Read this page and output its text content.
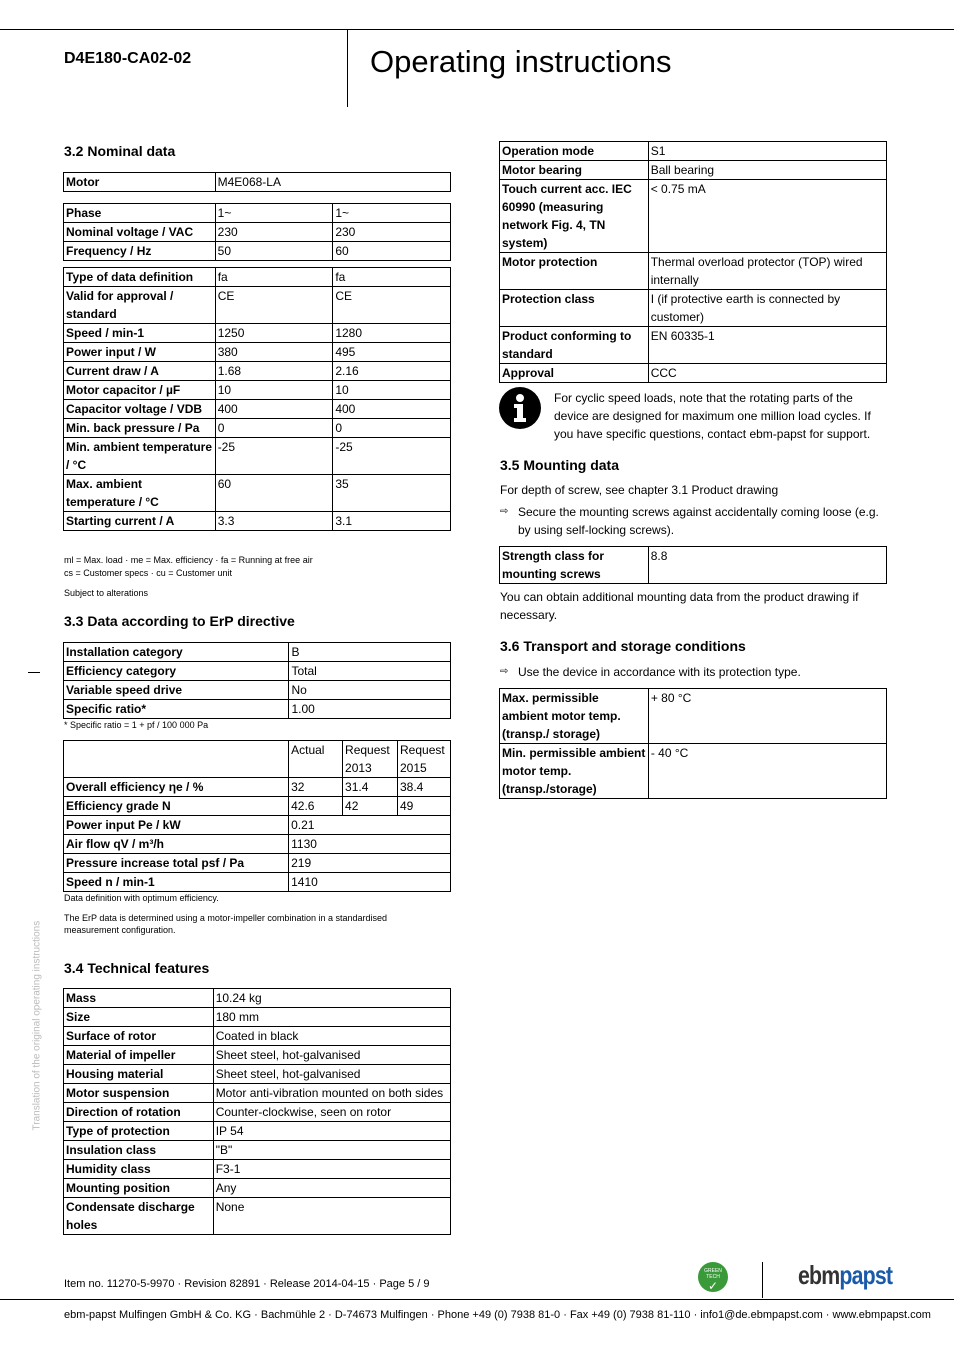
D4E180-CA02-02	Operating instructions
Translation of the original operating instructions
3.2 Nominal data
Motor	M4E068-LA
Phase	1~	1~
Nominal voltage / VAC	230	230
Frequency / Hz	50	60
Type of data definition	fa	fa
Valid for approval / standard	CE	CE
Speed / min-1	1250	1280
Power input / W	380	495
Current draw / A	1.68	2.16
Motor capacitor / µF	10	10
Capacitor voltage / VDB	400	400
Min. back pressure / Pa	0	0
Min. ambient temperature / °C	-25	-25
Max. ambient temperature / °C	60	35
Starting current / A	3.3	3.1
ml = Max. load · me = Max. efficiency · fa = Running at free air
cs = Customer specs · cu = Customer unit
Subject to alterations
3.3 Data according to ErP directive
Installation category	B
Efficiency category	Total
Variable speed drive	No
Specific ratio*	1.00
* Specific ratio = 1 + pf / 100 000 Pa
	Actual	Request 2013	Request 2015
Overall efficiency ηe / %	32	31.4	38.4
Efficiency grade N	42.6	42	49
Power input Pe / kW	0.21		
Air flow qV / m³/h	1130		
Pressure increase total psf / Pa	219		
Speed n / min-1	1410		
Data definition with optimum efficiency.
The ErP data is determined using a motor-impeller combination in a standardised measurement configuration.
3.4 Technical features
Mass	10.24 kg
Size	180 mm
Surface of rotor	Coated in black
Material of impeller	Sheet steel, hot-galvanised
Housing material	Sheet steel, hot-galvanised
Motor suspension	Motor anti-vibration mounted on both sides
Direction of rotation	Counter-clockwise, seen on rotor
Type of protection	IP 54
Insulation class	"B"
Humidity class	F3-1
Mounting position	Any
Condensate discharge holes	None
Operation mode	S1
Motor bearing	Ball bearing
Touch current acc. IEC 60990 (measuring network Fig. 4, TN system)	< 0.75 mA
Motor protection	Thermal overload protector (TOP) wired internally
Protection class	I (if protective earth is connected by customer)
Product conforming to standard	EN 60335-1
Approval	CCC
For cyclic speed loads, note that the rotating parts of the device are designed for maximum one million load cycles. If you have specific questions, contact ebm-papst for support.
3.5 Mounting data
For depth of screw, see chapter 3.1 Product drawing
⇨ Secure the mounting screws against accidentally coming loose (e.g. by using self-locking screws).
Strength class for mounting screws	8.8
You can obtain additional mounting data from the product drawing if necessary.
3.6 Transport and storage conditions
⇨ Use the device in accordance with its protection type.
Max. permissible ambient motor temp. (transp./ storage)	+ 80 °C
Min. permissible ambient motor temp. (transp./storage)	- 40 °C
Item no. 11270-5-9970 · Revision 82891 · Release 2014-04-15 · Page 5 / 9
GREEN TECH
✓	ebmpapst
ebm-papst Mulfingen GmbH & Co. KG · Bachmühle 2 · D-74673 Mulfingen · Phone +49 (0) 7938 81-0 · Fax +49 (0) 7938 81-110 · info1@de.ebmpapst.com · www.ebmpapst.com
